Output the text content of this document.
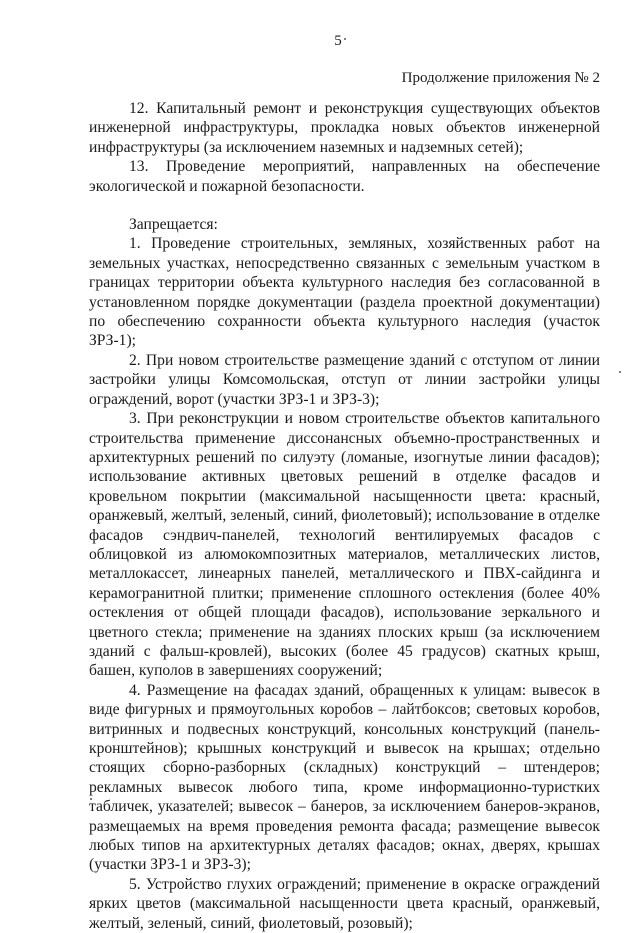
5
Продолжение приложения № 2

12. Капитальный ремонт и реконструкция существующих объектов инженерной инфраструктуры, прокладка новых объектов инженерной инфраструктуры (за исключением наземных и надземных сетей);

13. Проведение мероприятий, направленных на обеспечение экологической и пожарной безопасности.

Запрещается:

1. Проведение строительных, земляных, хозяйственных работ на земельных участках, непосредственно связанных с земельным участком в границах территории объекта культурного наследия без согласованной в установленном порядке документации (раздела проектной документации) по обеспечению сохранности объекта культурного наследия (участок ЗРЗ-1);

2. При новом строительстве размещение зданий с отступом от линии застройки улицы Комсомольская, отступ от линии застройки улицы ограждений, ворот (участки ЗРЗ-1 и ЗРЗ-3);

3. При реконструкции и новом строительстве объектов капитального строительства применение диссонансных объемно-пространственных и архитектурных решений по силуэту (ломаные, изогнутые линии фасадов); использование активных цветовых решений в отделке фасадов и кровельном покрытии (максимальной насыщенности цвета: красный, оранжевый, желтый, зеленый, синий, фиолетовый); использование в отделке фасадов сэндвич-панелей, технологий вентилируемых фасадов с облицовкой из алюмокомпозитных материалов, металлических листов, металлокассет, линеарных панелей, металлического и ПВХ-сайдинга и керамогранитной плитки; применение сплошного остекления (более 40% остекления от общей площади фасадов), использование зеркального и цветного стекла; применение на зданиях плоских крыш (за исключением зданий с фальш-кровлей), высоких (более 45 градусов) скатных крыш, башен, куполов в завершениях сооружений;

4. Размещение на фасадах зданий, обращенных к улицам: вывесок в виде фигурных и прямоугольных коробов – лайтбоксов; световых коробов, витринных и подвесных конструкций, консольных конструкций (панель-кронштейнов); крышных конструкций и вывесок на крышах; отдельно стоящих сборно-разборных (складных) конструкций – штендеров; рекламных вывесок любого типа, кроме информационно-туристких табличек, указателей; вывесок – банеров, за исключением банеров-экранов, размещаемых на время проведения ремонта фасада; размещение вывесок любых типов на архитектурных деталях фасадов; окнах, дверях, крышах (участки ЗРЗ-1 и ЗРЗ-3);

5. Устройство глухих ограждений; применение в окраске ограждений ярких цветов (максимальной насыщенности цвета красный, оранжевый, желтый, зеленый, синий, фиолетовый, розовый);
